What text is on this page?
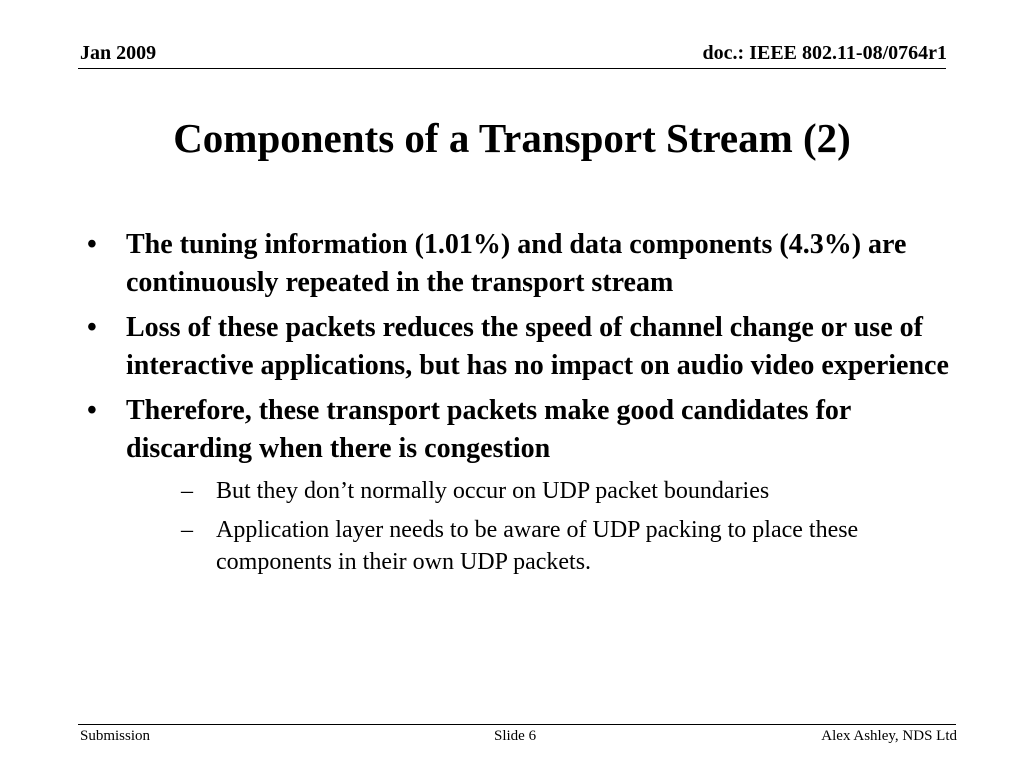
Jan 2009	doc.: IEEE 802.11-08/0764r1
Components of a Transport Stream (2)
• The tuning information (1.01%) and data components (4.3%) are continuously repeated in the transport stream
• Loss of these packets reduces the speed of channel change or use of interactive applications, but has no impact on audio video experience
• Therefore, these transport packets make good candidates for discarding when there is congestion
– But they don’t normally occur on UDP packet boundaries
– Application layer needs to be aware of UDP packing to place these components in their own UDP packets.
Submission	Slide 6	Alex Ashley, NDS Ltd
